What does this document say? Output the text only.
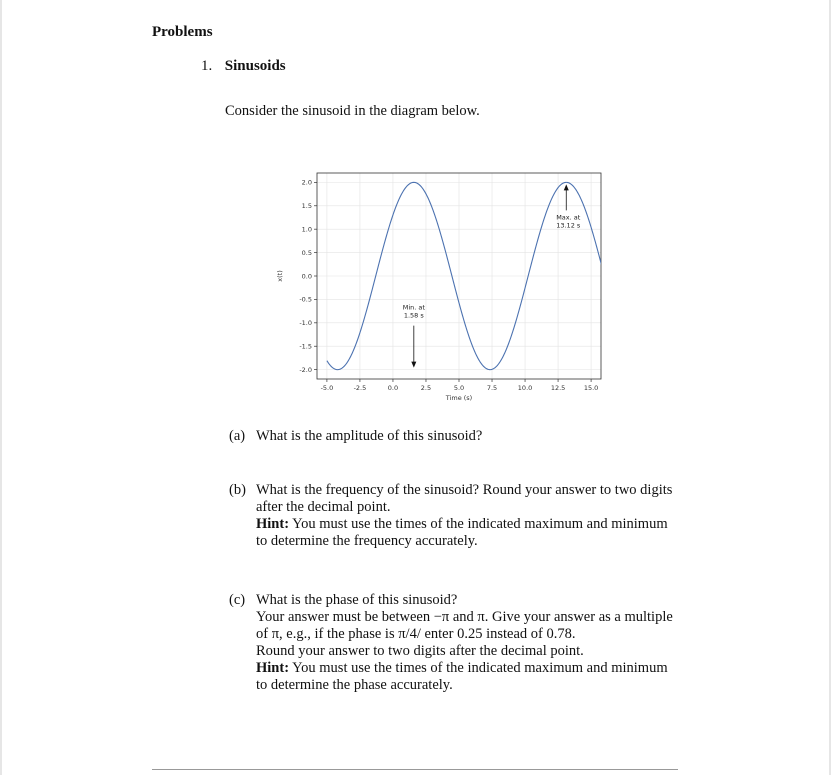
Problems
1. Sinusoids
Consider the sinusoid in the diagram below.
-5.0	-2.5	0.0	2.5	5.0	7.5	10.0	12.5	15.0
2.0
1.5
1.0
0.5
0.0
-0.5
-1.0
-1.5
-2.0
Time (s)
x(t)
Max. at
13.12 s
Min. at
1.58 s
(a) What is the amplitude of this sinusoid?
(b) What is the frequency of the sinusoid? Round your answer to two digits after the decimal point.
Hint: You must use the times of the indicated maximum and minimum to determine the frequency accurately.
(c) What is the phase of this sinusoid?
Your answer must be between −π and π. Give your answer as a multiple of π, e.g., if the phase is π/4/ enter 0.25 instead of 0.78.
Round your answer to two digits after the decimal point.
Hint: You must use the times of the indicated maximum and minimum to determine the phase accurately.
